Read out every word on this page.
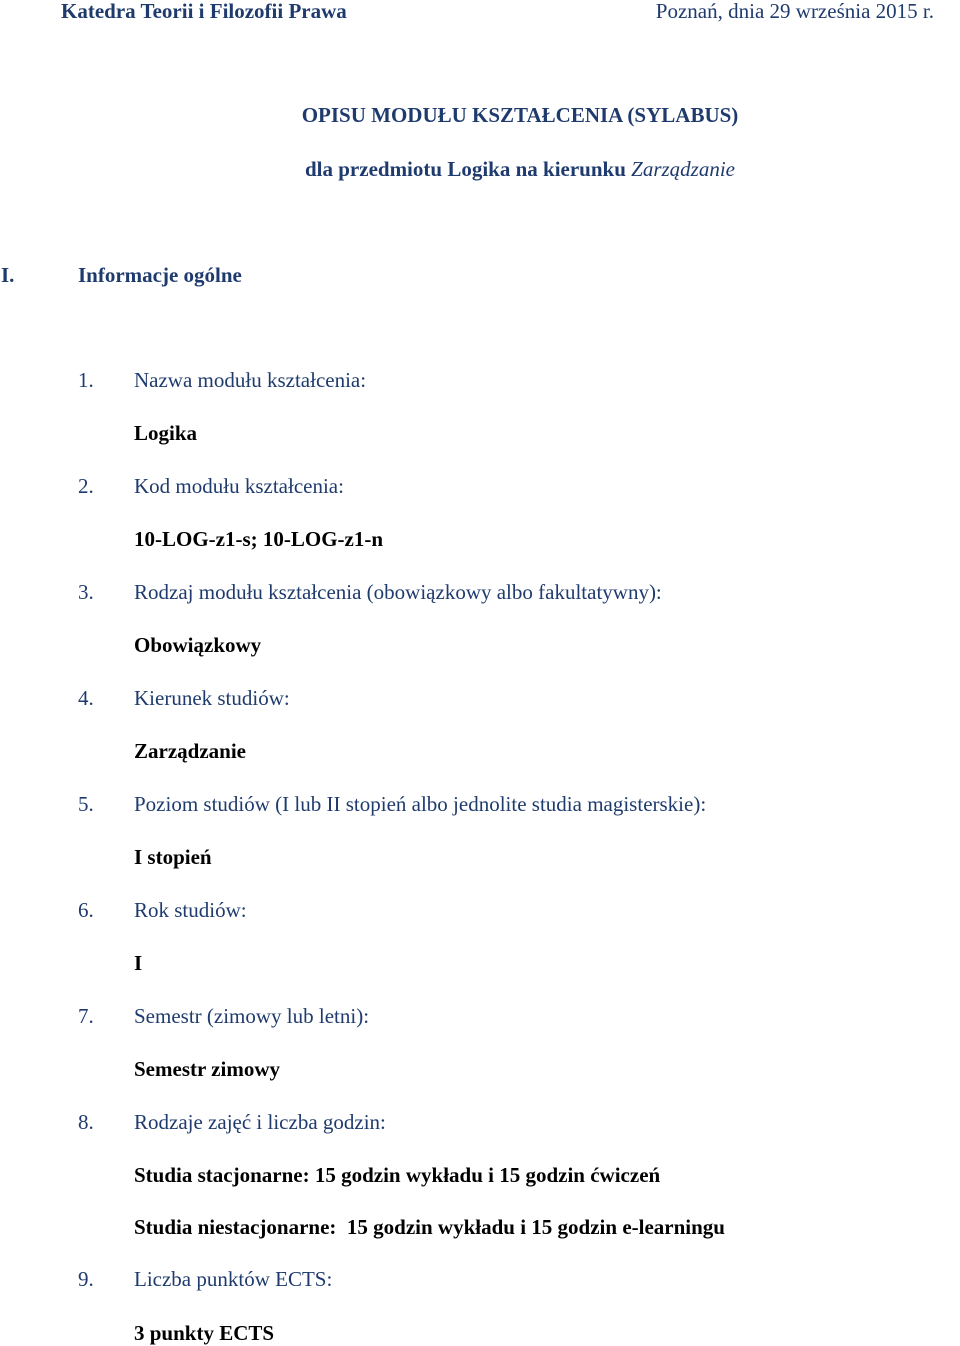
Katedra Teorii i Filozofii Prawa	Poznań, dnia 29 września 2015 r.
OPISU MODUŁU KSZTAŁCENIA (SYLABUS)
dla przedmiotu Logika na kierunku Zarządzanie
I.	Informacje ogólne
1. Nazwa modułu kształcenia:
Logika
2. Kod modułu kształcenia:
10-LOG-z1-s; 10-LOG-z1-n
3. Rodzaj modułu kształcenia (obowiązkowy albo fakultatywny):
Obowiązkowy
4. Kierunek studiów:
Zarządzanie
5. Poziom studiów (I lub II stopień albo jednolite studia magisterskie):
I stopień
6. Rok studiów:
I
7. Semestr (zimowy lub letni):
Semestr zimowy
8. Rodzaje zajęć i liczba godzin:
Studia stacjonarne: 15 godzin wykładu i 15 godzin ćwiczeń
Studia niestacjonarne:  15 godzin wykładu i 15 godzin e-learningu
9. Liczba punktów ECTS:
3 punkty ECTS
